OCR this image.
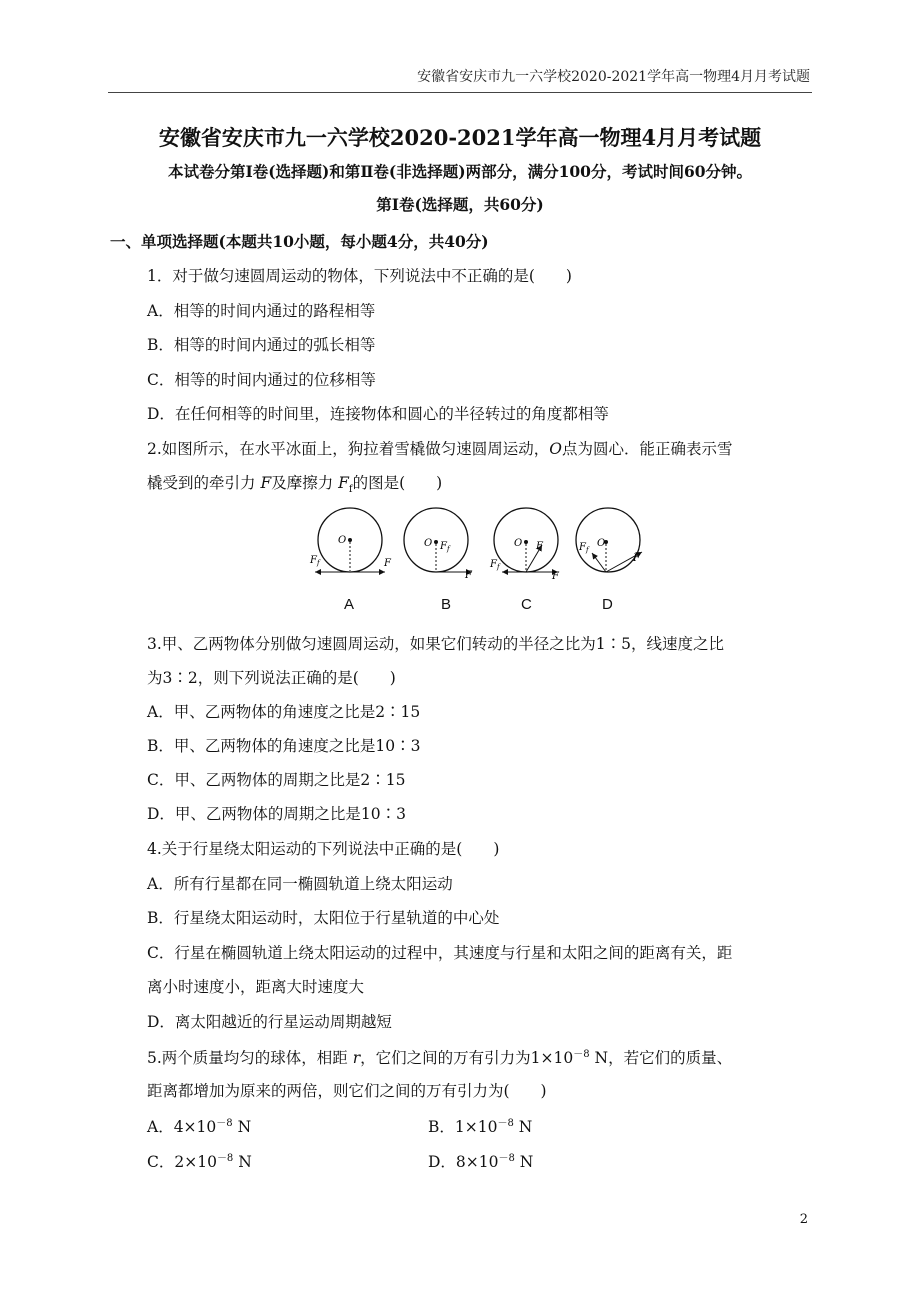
安徽省安庆市九一六学校2020-2021学年高一物理4月月考试题
安徽省安庆市九一六学校2020-2021学年高一物理4月月考试题
本试卷分第Ⅰ卷(选择题)和第Ⅱ卷(非选择题)两部分，满分100分，考试时间60分钟。
第Ⅰ卷(选择题，共60分)
一、单项选择题(本题共10小题，每小题4分，共40分)
1．对于做匀速圆周运动的物体，下列说法中不正确的是(　　)
A．相等的时间内通过的路程相等
B．相等的时间内通过的弧长相等
C．相等的时间内通过的位移相等
D．在任何相等的时间里，连接物体和圆心的半径转过的角度都相等
2.如图所示，在水平冰面上，狗拉着雪橇做匀速圆周运动，O点为圆心．能正确表示雪
橇受到的牵引力 F及摩擦力 $F_f$的图是(　　)
O
$F_f$	F
O $F_f$
F
O F
$F_f$
F
O
$F_f$
F
A	B	C	D
3.甲、乙两物体分别做匀速圆周运动，如果它们转动的半径之比为1∶5，线速度之比
为3∶2，则下列说法正确的是(　　)
A．甲、乙两物体的角速度之比是2∶15
B．甲、乙两物体的角速度之比是10∶3
C．甲、乙两物体的周期之比是2∶15
D．甲、乙两物体的周期之比是10∶3
4.关于行星绕太阳运动的下列说法中正确的是(　　)
A．所有行星都在同一椭圆轨道上绕太阳运动
B．行星绕太阳运动时，太阳位于行星轨道的中心处
C．行星在椭圆轨道上绕太阳运动的过程中，其速度与行星和太阳之间的距离有关，距
离小时速度小，距离大时速度大
D．离太阳越近的行星运动周期越短
5.两个质量均匀的球体，相距 r，它们之间的万有引力为$1\times 10^{-8}$ N，若它们的质量、
距离都增加为原来的两倍，则它们之间的万有引力为(　　)
A．$4\times 10^{-8}$ N	B．$1\times 10^{-8}$ N
C．$2\times 10^{-8}$ N	D．$8\times 10^{-8}$ N
2
